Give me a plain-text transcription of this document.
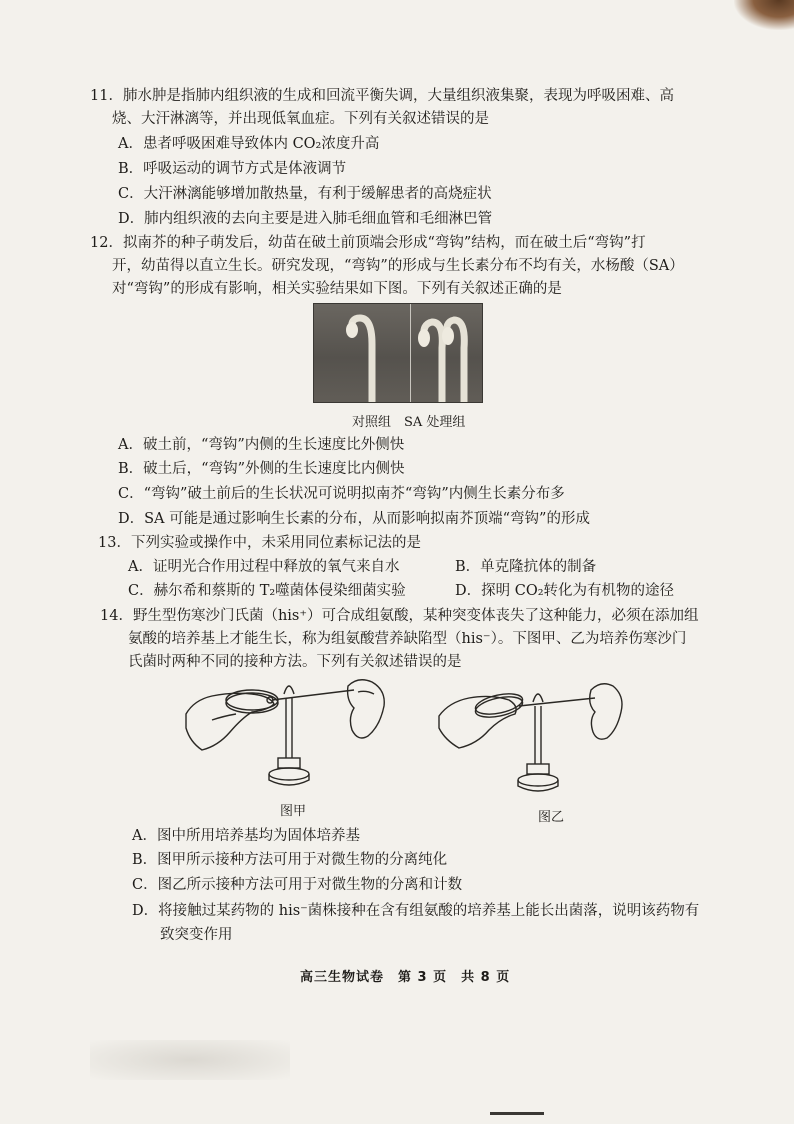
11．肺水肿是指肺内组织液的生成和回流平衡失调，大量组织液集聚，表现为呼吸困难、高
烧、大汗淋漓等，并出现低氧血症。下列有关叙述错误的是
A．患者呼吸困难导致体内 CO₂浓度升高
B．呼吸运动的调节方式是体液调节
C．大汗淋漓能够增加散热量，有利于缓解患者的高烧症状
D．肺内组织液的去向主要是进入肺毛细血管和毛细淋巴管
12．拟南芥的种子萌发后，幼苗在破土前顶端会形成“弯钩”结构，而在破土后“弯钩”打
开，幼苗得以直立生长。研究发现，“弯钩”的形成与生长素分布不均有关，水杨酸（SA）
对“弯钩”的形成有影响，相关实验结果如下图。下列有关叙述正确的是
对照组　SA 处理组
A．破土前，“弯钩”内侧的生长速度比外侧快
B．破土后，“弯钩”外侧的生长速度比内侧快
C．“弯钩”破土前后的生长状况可说明拟南芥“弯钩”内侧生长素分布多
D．SA 可能是通过影响生长素的分布，从而影响拟南芥顶端“弯钩”的形成
13．下列实验或操作中，未采用同位素标记法的是
A．证明光合作用过程中释放的氧气来自水	B．单克隆抗体的制备
C．赫尔希和蔡斯的 T₂噬菌体侵染细菌实验	D．探明 CO₂转化为有机物的途径
14．野生型伤寒沙门氏菌（his⁺）可合成组氨酸，某种突变体丧失了这种能力，必须在添加组
氨酸的培养基上才能生长，称为组氨酸营养缺陷型（his⁻）。下图甲、乙为培养伤寒沙门
氏菌时两种不同的接种方法。下列有关叙述错误的是
图甲	图乙
A．图中所用培养基均为固体培养基
B．图甲所示接种方法可用于对微生物的分离纯化
C．图乙所示接种方法可用于对微生物的分离和计数
D．将接触过某药物的 his⁻菌株接种在含有组氨酸的培养基上能长出菌落，说明该药物有
致突变作用
高三生物试卷　第 3 页　共 8 页
